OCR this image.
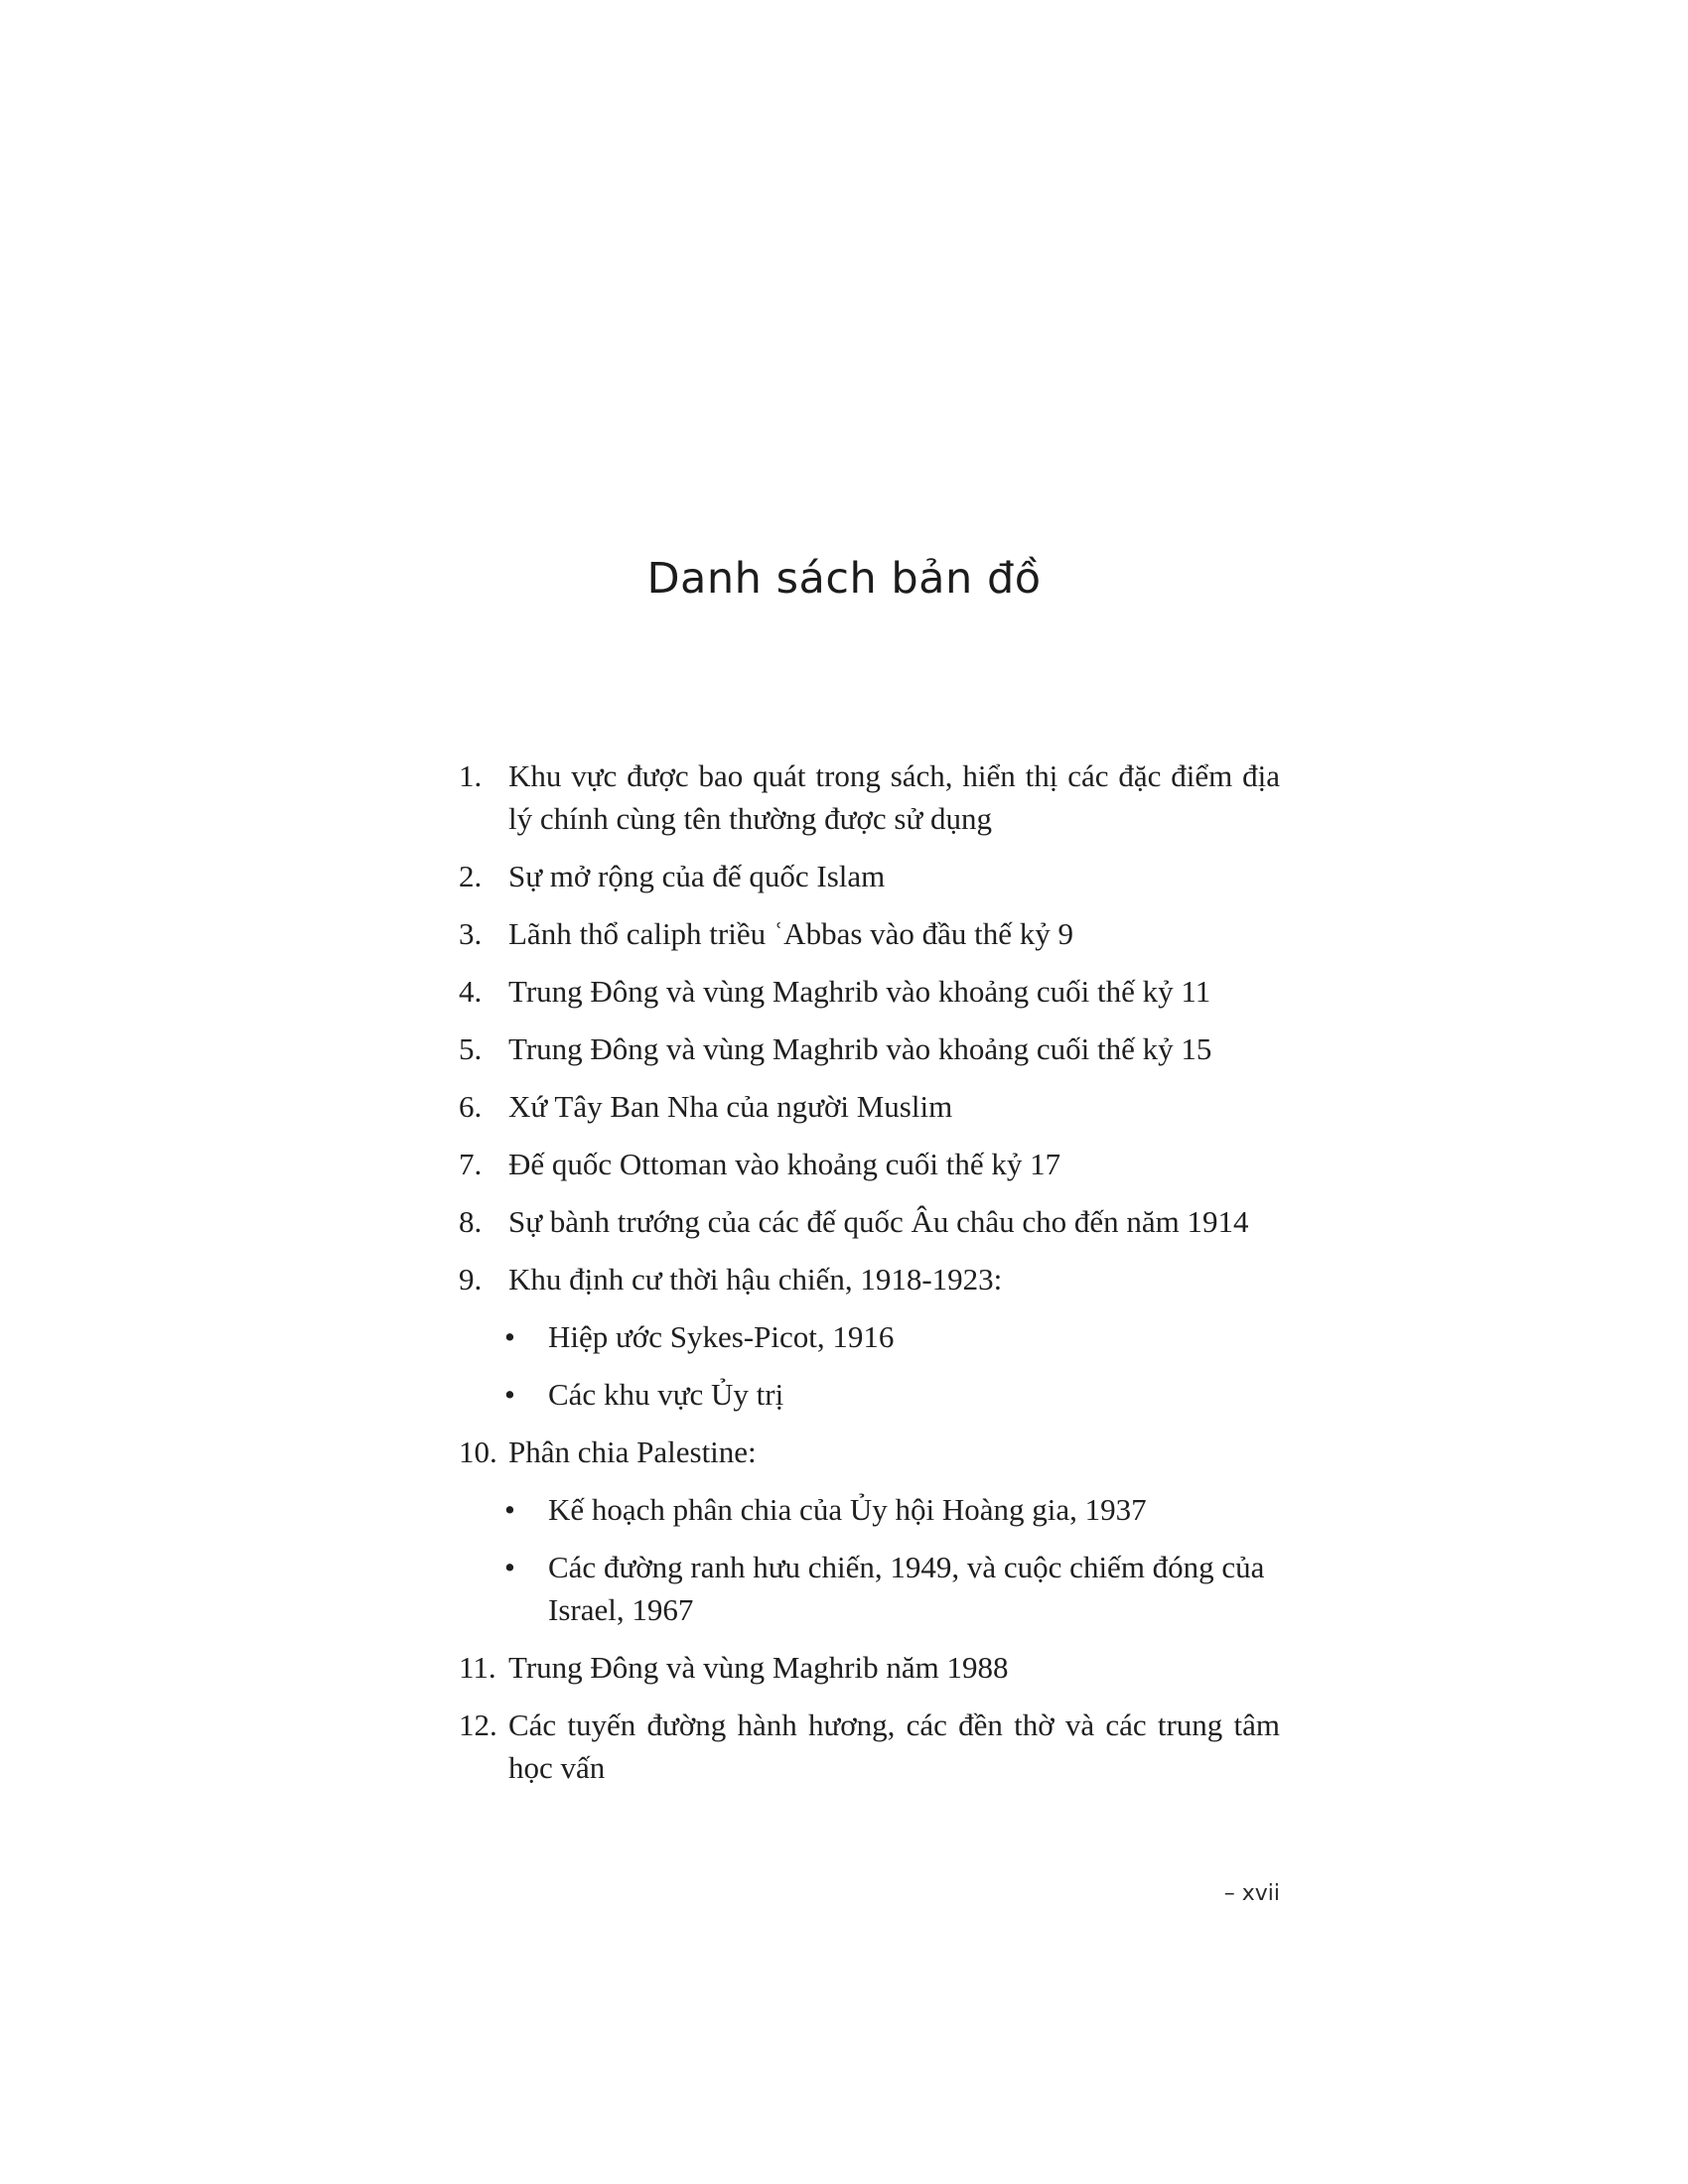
Danh sách bản đồ
1. Khu vực được bao quát trong sách, hiển thị các đặc điểm địa lý chính cùng tên thường được sử dụng
2. Sự mở rộng của đế quốc Islam
3. Lãnh thổ caliph triều ʿAbbas vào đầu thế kỷ 9
4. Trung Đông và vùng Maghrib vào khoảng cuối thế kỷ 11
5. Trung Đông và vùng Maghrib vào khoảng cuối thế kỷ 15
6. Xứ Tây Ban Nha của người Muslim
7. Đế quốc Ottoman vào khoảng cuối thế kỷ 17
8. Sự bành trướng của các đế quốc Âu châu cho đến năm 1914
9. Khu định cư thời hậu chiến, 1918-1923:
•	Hiệp ước Sykes-Picot, 1916
•	Các khu vực Ủy trị
10. Phân chia Palestine:
•	Kế hoạch phân chia của Ủy hội Hoàng gia, 1937
•	Các đường ranh hưu chiến, 1949, và cuộc chiếm đóng của Israel, 1967
11. Trung Đông và vùng Maghrib năm 1988
12. Các tuyến đường hành hương, các đền thờ và các trung tâm học vấn
– xvii
